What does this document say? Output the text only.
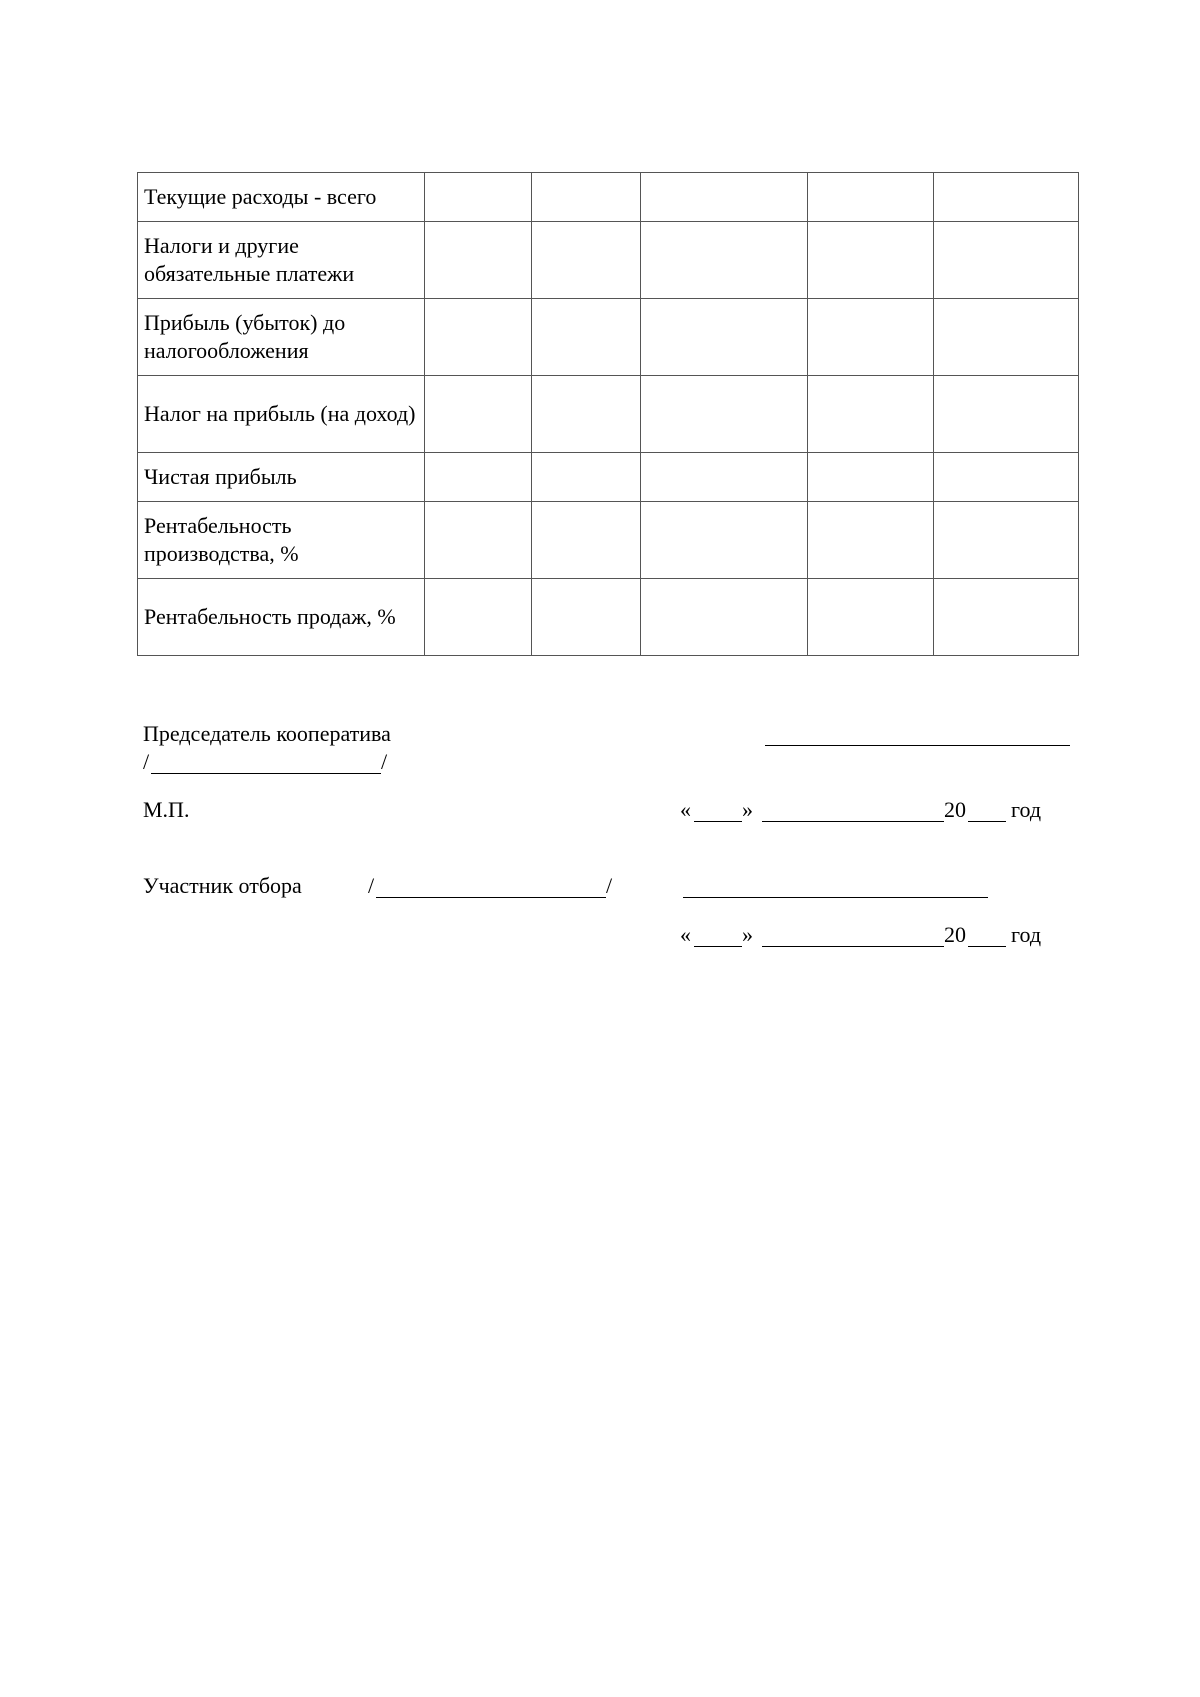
Текущие расходы - всего					
Налоги и другие обязательные платежи					
Прибыль (убыток) до налогообложения					
Налог на прибыль (на доход)					
Чистая прибыль					
Рентабельность производства, %					
Рентабельность продаж, %					
Председатель кооператива
/	/
М.П.	« »	20 год
Участник отбора	/	/
« »	20 год
